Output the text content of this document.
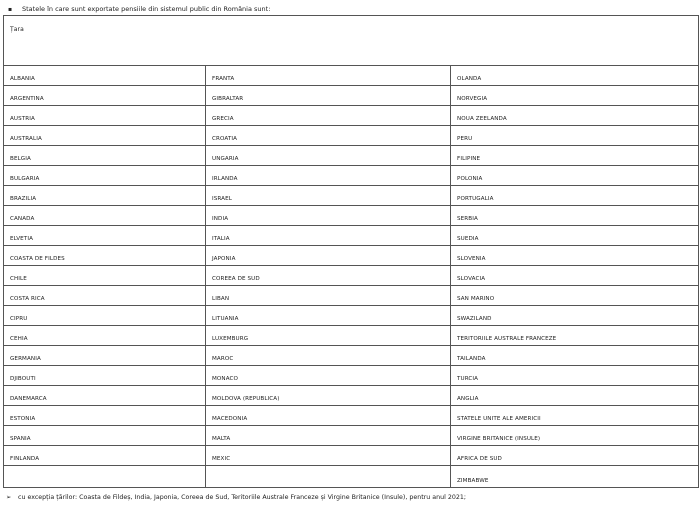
▪ Statele în care sunt exportate pensiile din sistemul public din România sunt:
Țara		
ALBANIA	FRANTA	OLANDA
ARGENTINA	GIBRALTAR	NORVEGIA
AUSTRIA	GRECIA	NOUA ZEELANDA
AUSTRALIA	CROATIA	PERU
BELGIA	UNGARIA	FILIPINE
BULGARIA	IRLANDA	POLONIA
BRAZILIA	ISRAEL	PORTUGALIA
CANADA	INDIA	SERBIA
ELVETIA	ITALIA	SUEDIA
COASTA DE FILDES	JAPONIA	SLOVENIA
CHILE	COREEA DE SUD	SLOVACIA
COSTA RICA	LIBAN	SAN MARINO
CIPRU	LITUANIA	SWAZILAND
CEHIA	LUXEMBURG	TERITORIILE AUSTRALE FRANCEZE
GERMANIA	MAROC	TAILANDA
DJIBOUTI	MONACO	TURCIA
DANEMARCA	MOLDOVA (REPUBLICA)	ANGLIA
ESTONIA	MACEDONIA	STATELE UNITE ALE AMERICII
SPANIA	MALTA	VIRGINE BRITANICE (INSULE)
FINLANDA	MEXIC	AFRICA DE SUD
		ZIMBABWE
➢ cu excepția țărilor: Coasta de Fildeș, India, Japonia, Coreea de Sud, Teritoriile Australe Franceze și Virgine Britanice (Insule), pentru anul 2021;
